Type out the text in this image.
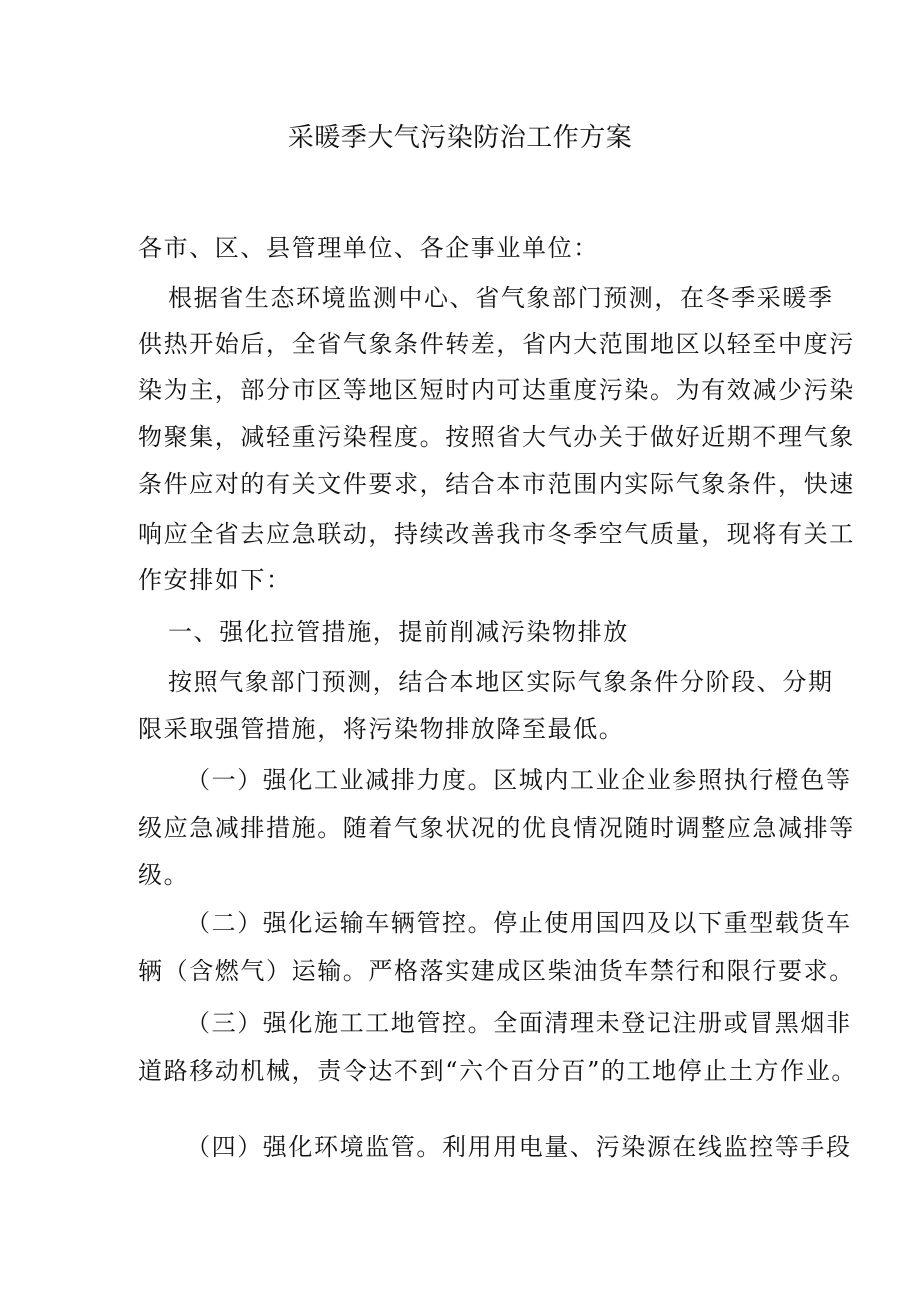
采暖季大气污染防治工作方案
各市、区、县管理单位、各企事业单位：
根据省生态环境监测中心、省气象部门预测，在冬季采暖季
供热开始后，全省气象条件转差，省内大范围地区以轻至中度污
染为主，部分市区等地区短时内可达重度污染。为有效减少污染
物聚集，减轻重污染程度。按照省大气办关于做好近期不理气象
条件应对的有关文件要求，结合本市范围内实际气象条件，快速
响应全省去应急联动，持续改善我市冬季空气质量，现将有关工
作安排如下：
一、强化拉管措施，提前削减污染物排放
按照气象部门预测，结合本地区实际气象条件分阶段、分期
限采取强管措施，将污染物排放降至最低。
（一）强化工业减排力度。区城内工业企业参照执行橙色等
级应急减排措施。随着气象状况的优良情况随时调整应急减排等
级。
（二）强化运输车辆管控。停止使用国四及以下重型载货车
辆（含燃气）运输。严格落实建成区柴油货车禁行和限行要求。
（三）强化施工工地管控。全面清理未登记注册或冒黑烟非
道路移动机械，责令达不到“六个百分百”的工地停止土方作业。
（四）强化环境监管。利用用电量、污染源在线监控等手段
